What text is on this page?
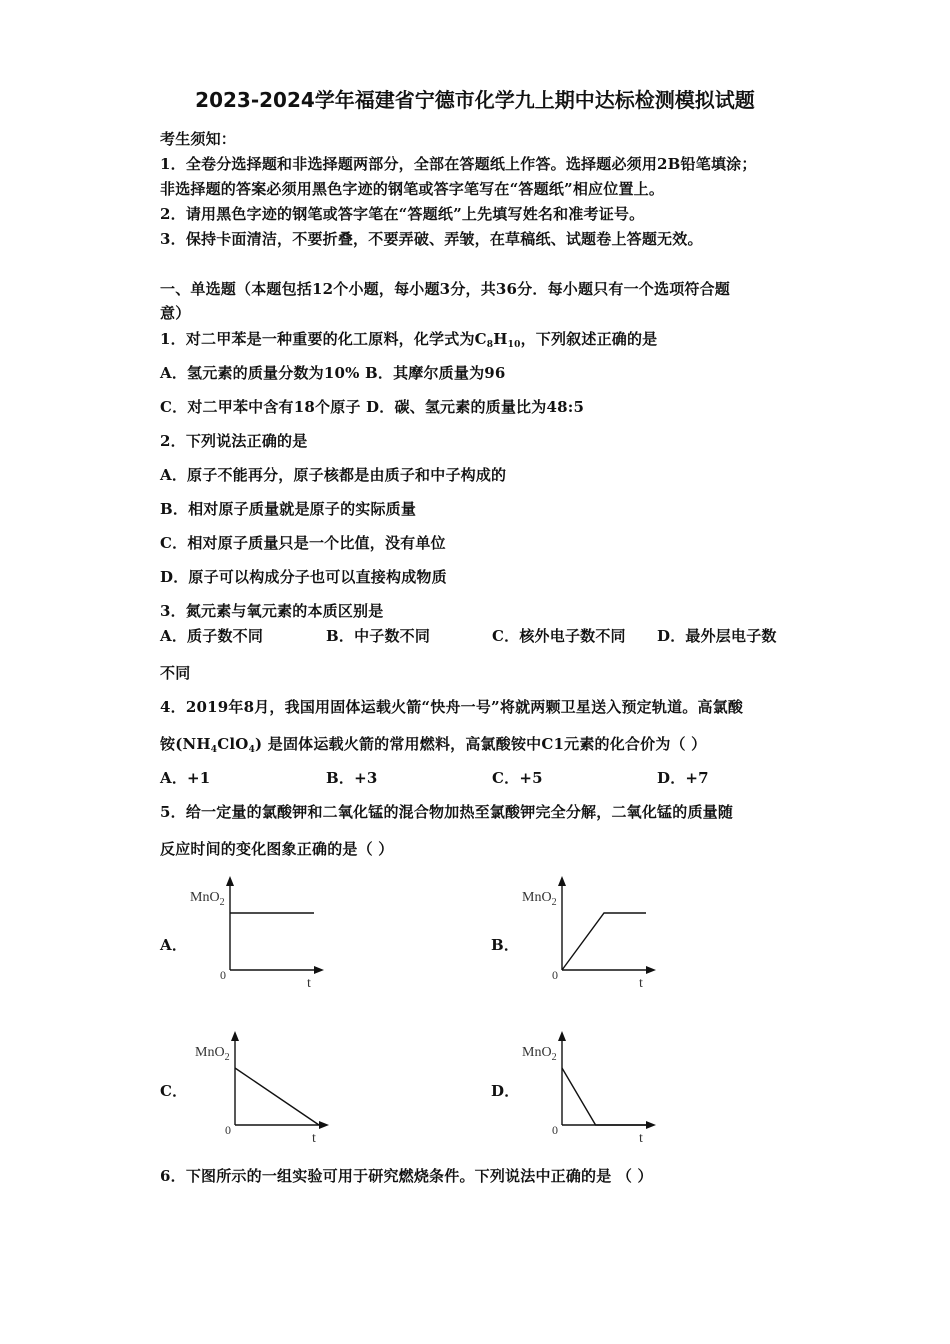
2023-2024学年福建省宁德市化学九上期中达标检测模拟试题
考生须知：
1．全卷分选择题和非选择题两部分，全部在答题纸上作答。选择题必须用2B铅笔填涂；
非选择题的答案必须用黑色字迹的钢笔或答字笔写在“答题纸”相应位置上。
2．请用黑色字迹的钢笔或答字笔在“答题纸”上先填写姓名和准考证号。
3．保持卡面清洁，不要折叠，不要弄破、弄皱，在草稿纸、试题卷上答题无效。
一、单选题（本题包括12个小题，每小题3分，共36分．每小题只有一个选项符合题
意）
1．对二甲苯是一种重要的化工原料，化学式为$C_8H_{10}$，下列叙述正确的是
A．氢元素的质量分数为10% B．其摩尔质量为96
C．对二甲苯中含有18个原子 D．碳、氢元素的质量比为48:5
2．下列说法正确的是
A．原子不能再分，原子核都是由质子和中子构成的
B．相对原子质量就是原子的实际质量
C．相对原子质量只是一个比值，没有单位
D．原子可以构成分子也可以直接构成物质
3．氮元素与氧元素的本质区别是
A．质子数不同	B．中子数不同	C．核外电子数不同 D．最外层电子数
不同
4．2019年8月，我国用固体运载火箭“快舟一号”将就两颗卫星送入预定轨道。高氯酸
铵$(NH_4ClO_4)$ 是固体运载火箭的常用燃料，高氯酸铵中C1元素的化合价为（ ）
A．+1	B．+3	C．+5	D．+7
5．给一定量的氯酸钾和二氧化锰的混合物加热至氯酸钾完全分解，二氧化锰的质量随
反应时间的变化图象正确的是（ ）
A．	B．
C．	D．
MnO$_2$
t
0
MnO$_2$
t
0
MnO$_2$
t
0
MnO$_2$
t
0
6．下图所示的一组实验可用于研究燃烧条件。下列说法中正确的是 （ ）
